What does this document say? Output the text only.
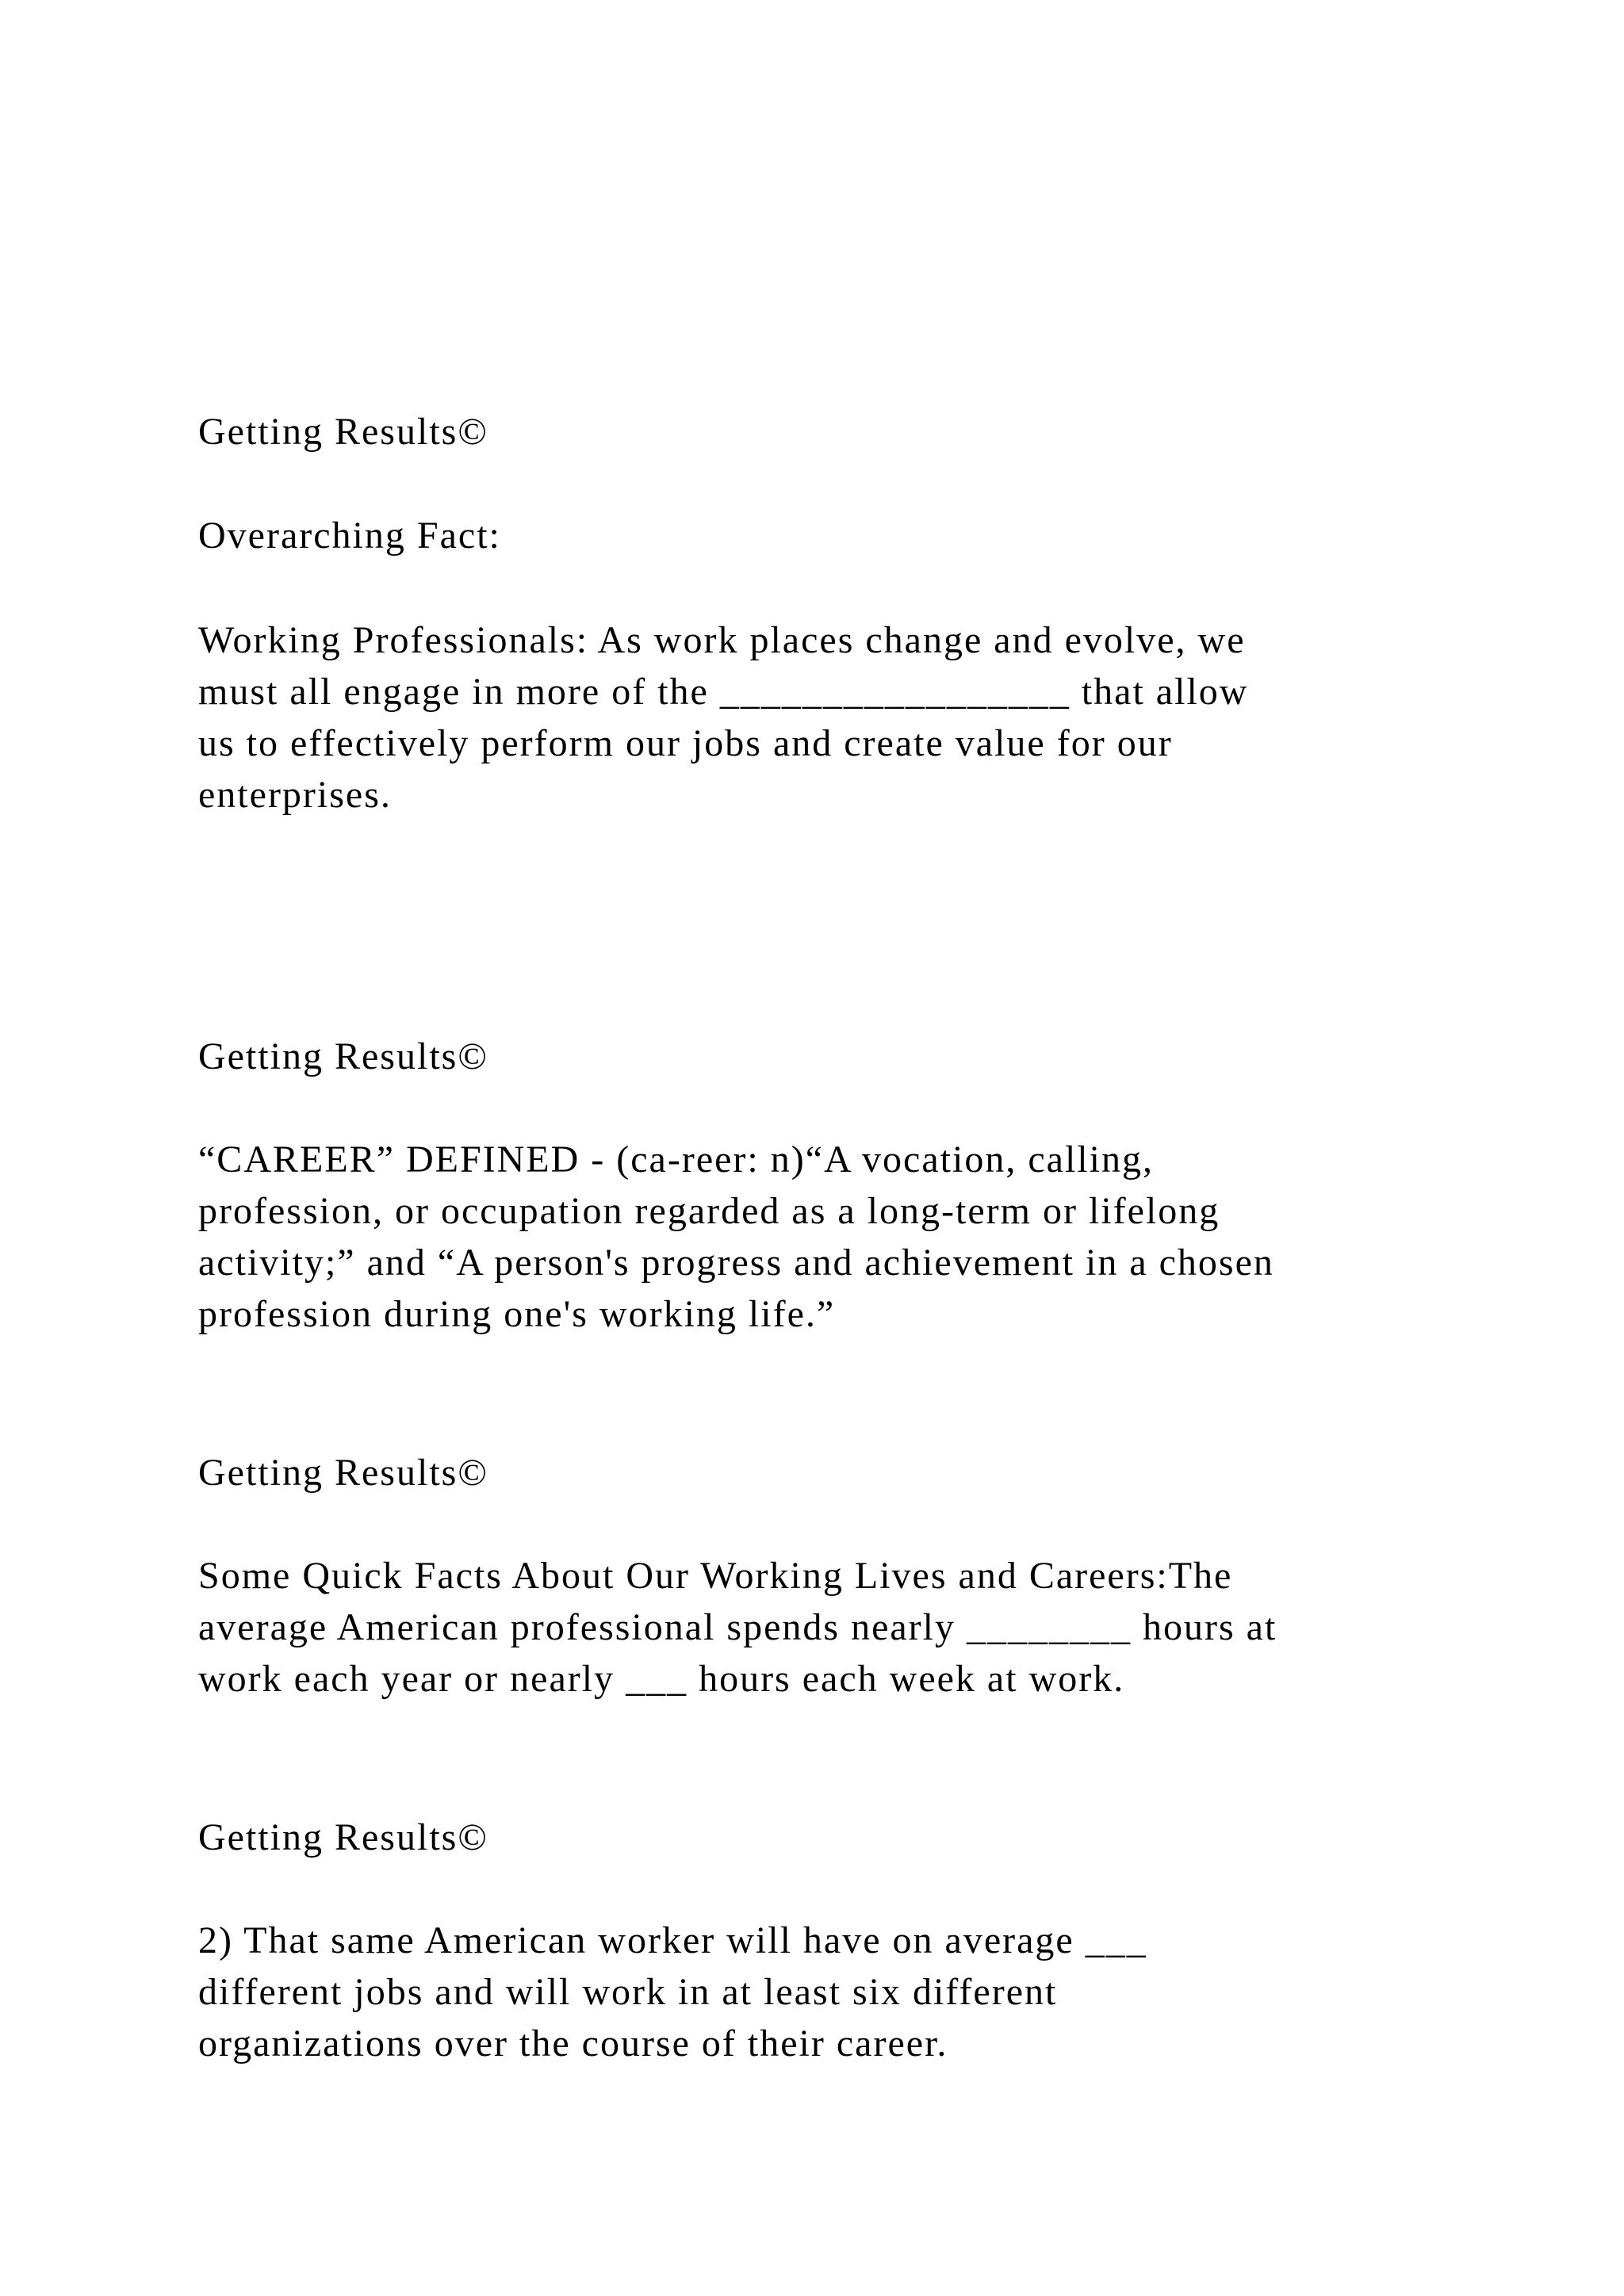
Getting Results©

Overarching Fact:

Working Professionals: As work places change and evolve, we

must all engage in more of the _________________ that allow

us to effectively perform our jobs and create value for our

enterprises.

Getting Results©

“CAREER” DEFINED - (ca-reer: n)“A vocation, calling,

profession, or occupation regarded as a long-term or lifelong

activity;” and “A person's progress and achievement in a chosen

profession during one's working life.”

Getting Results©

Some Quick Facts About Our Working Lives and Careers:The

average American professional spends nearly ________ hours at

work each year or nearly ___ hours each week at work.

Getting Results©

2) That same American worker will have on average ___

different jobs and will work in at least six different

organizations over the course of their career.
